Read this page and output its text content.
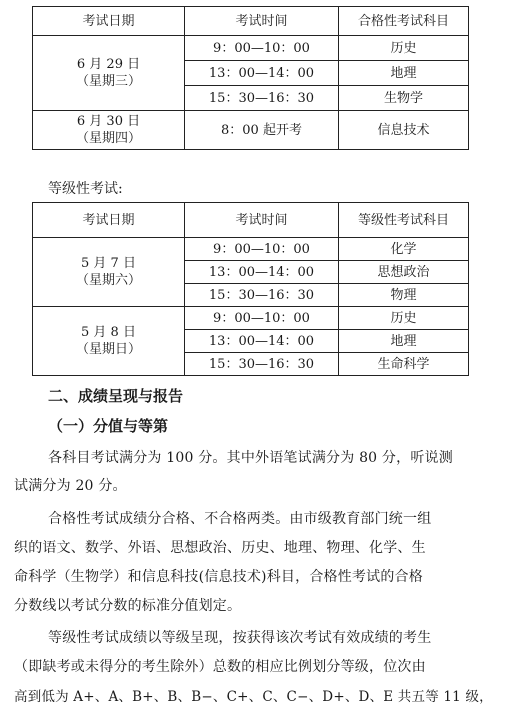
考试日期	考试时间	合格性考试科目

6 月 29 日
（星期三）	9：00—10：00	历史
	13：00—14：00	地理
	15：30—16：30	生物学

6 月 30 日
（星期四）	8：00 起开考	信息技术
等级性考试:
考试日期	考试时间	等级性考试科目

5 月 7 日
（星期六）	9：00—10：00	化学
	13：00—14：00	思想政治
	15：30—16：30	物理

5 月 8 日
（星期日）	9：00—10：00	历史
	13：00—14：00	地理
	15：30—16：30	生命科学
二、成绩呈现与报告
（一）分值与等第
各科目考试满分为 100 分。其中外语笔试满分为 80 分，听说测
试满分为 20 分。
合格性考试成绩分合格、不合格两类。由市级教育部门统一组
织的语文、数学、外语、思想政治、历史、地理、物理、化学、生
命科学（生物学）和信息科技(信息技术)科目，合格性考试的合格
分数线以考试分数的标准分值划定。
等级性考试成绩以等级呈现，按获得该次考试有效成绩的考生
（即缺考或未得分的考生除外）总数的相应比例划分等级，位次由
高到低为 A+、A、B+、B、B−、C+、C、C−、D+、D、E 共五等 11 级，
